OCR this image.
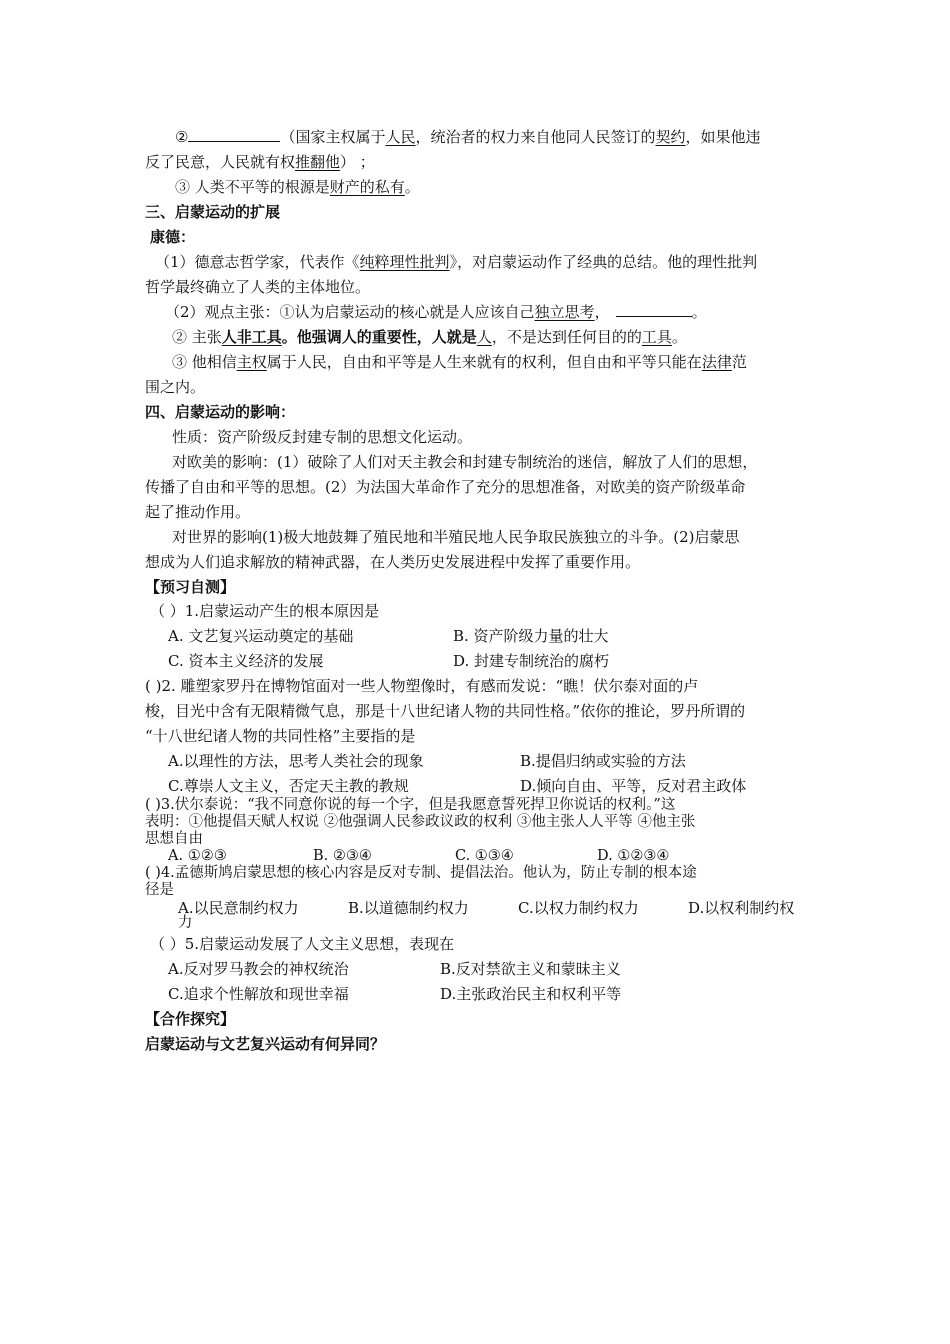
②	（国家主权属于人民，统治者的权力来自他同人民签订的契约，如果他违
反了民意，人民就有权推翻他） ；
③ 人类不平等的根源是财产的私有。
三、启蒙运动的扩展
康德：
（1）德意志哲学家，代表作《纯粹理性批判》，对启蒙运动作了经典的总结。他的理性批判
哲学最终确立了人类的主体地位。
（2）观点主张：①认为启蒙运动的核心就是人应该自己独立思考，	。
② 主张人非工具。他强调人的重要性，人就是人，不是达到任何目的的工具。
③ 他相信主权属于人民，自由和平等是人生来就有的权利，但自由和平等只能在法律范
围之内。
四、启蒙运动的影响：
性质：资产阶级反封建专制的思想文化运动。
对欧美的影响：(1）破除了人们对天主教会和封建专制统治的迷信，解放了人们的思想，
传播了自由和平等的思想。(2）为法国大革命作了充分的思想准备，对欧美的资产阶级革命
起了推动作用。
对世界的影响(1)极大地鼓舞了殖民地和半殖民地人民争取民族独立的斗争。(2)启蒙思
想成为人们追求解放的精神武器，在人类历史发展进程中发挥了重要作用。
【预习自测】
（ ）1.启蒙运动产生的根本原因是
A. 文艺复兴运动奠定的基础	B. 资产阶级力量的壮大
C. 资本主义经济的发展	D. 封建专制统治的腐朽
( )2. 雕塑家罗丹在博物馆面对一些人物塑像时，有感而发说：“瞧！伏尔泰对面的卢
梭，目光中含有无限精微气息，那是十八世纪诸人物的共同性格。”依你的推论，罗丹所谓的
“十八世纪诸人物的共同性格”主要指的是
A.以理性的方法，思考人类社会的现象	B.提倡归纳或实验的方法
C.尊崇人文主义，否定天主教的教规	D.倾向自由、平等，反对君主政体
( )3.伏尔泰说：“我不同意你说的每一个字，但是我愿意誓死捍卫你说话的权利。”这
表明：①他提倡天赋人权说 ②他强调人民参政议政的权利 ③他主张人人平等 ④他主张
思想自由
A. ①②③	B. ②③④	C. ①③④	D. ①②③④
( )4.孟德斯鸠启蒙思想的核心内容是反对专制、提倡法治。他认为，防止专制的根本途
径是
A.以民意制约权力	B.以道德制约权力	C.以权力制约权力	D.以权利制约权
力
（ ）5.启蒙运动发展了人文主义思想，表现在
A.反对罗马教会的神权统治	B.反对禁欲主义和蒙昧主义
C.追求个性解放和现世幸福	D.主张政治民主和权利平等
【合作探究】
启蒙运动与文艺复兴运动有何异同？
